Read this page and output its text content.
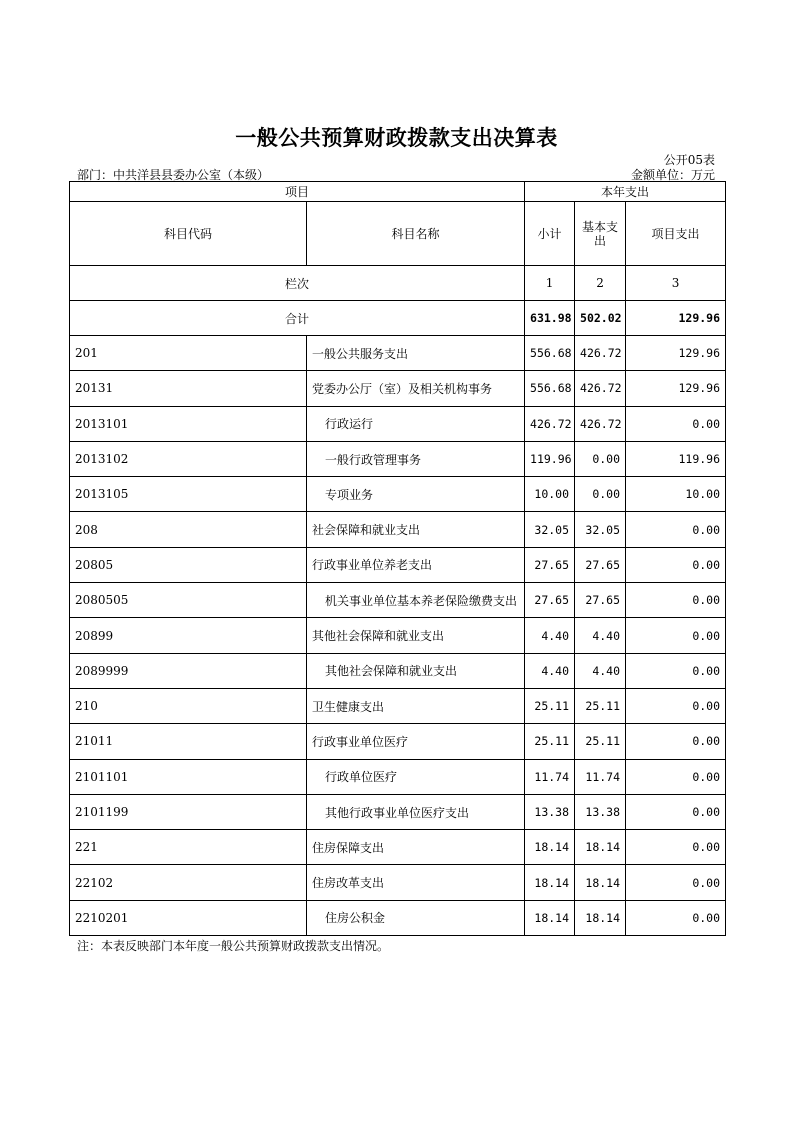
一般公共预算财政拨款支出决算表
公开05表
部门：中共洋县县委办公室（本级）	金额单位：万元
项目		本年支出		
科目代码	科目名称	小计	基本支出	项目支出
栏次		1	2	3
合计		631.98	502.02	129.96
201	一般公共服务支出	556.68	426.72	129.96
20131	党委办公厅（室）及相关机构事务	556.68	426.72	129.96
2013101	行政运行	426.72	426.72	0.00
2013102	一般行政管理事务	119.96	0.00	119.96
2013105	专项业务	10.00	0.00	10.00
208	社会保障和就业支出	32.05	32.05	0.00
20805	行政事业单位养老支出	27.65	27.65	0.00
2080505	机关事业单位基本养老保险缴费支出	27.65	27.65	0.00
20899	其他社会保障和就业支出	4.40	4.40	0.00
2089999	其他社会保障和就业支出	4.40	4.40	0.00
210	卫生健康支出	25.11	25.11	0.00
21011	行政事业单位医疗	25.11	25.11	0.00
2101101	行政单位医疗	11.74	11.74	0.00
2101199	其他行政事业单位医疗支出	13.38	13.38	0.00
221	住房保障支出	18.14	18.14	0.00
22102	住房改革支出	18.14	18.14	0.00
2210201	住房公积金	18.14	18.14	0.00
注：本表反映部门本年度一般公共预算财政拨款支出情况。
